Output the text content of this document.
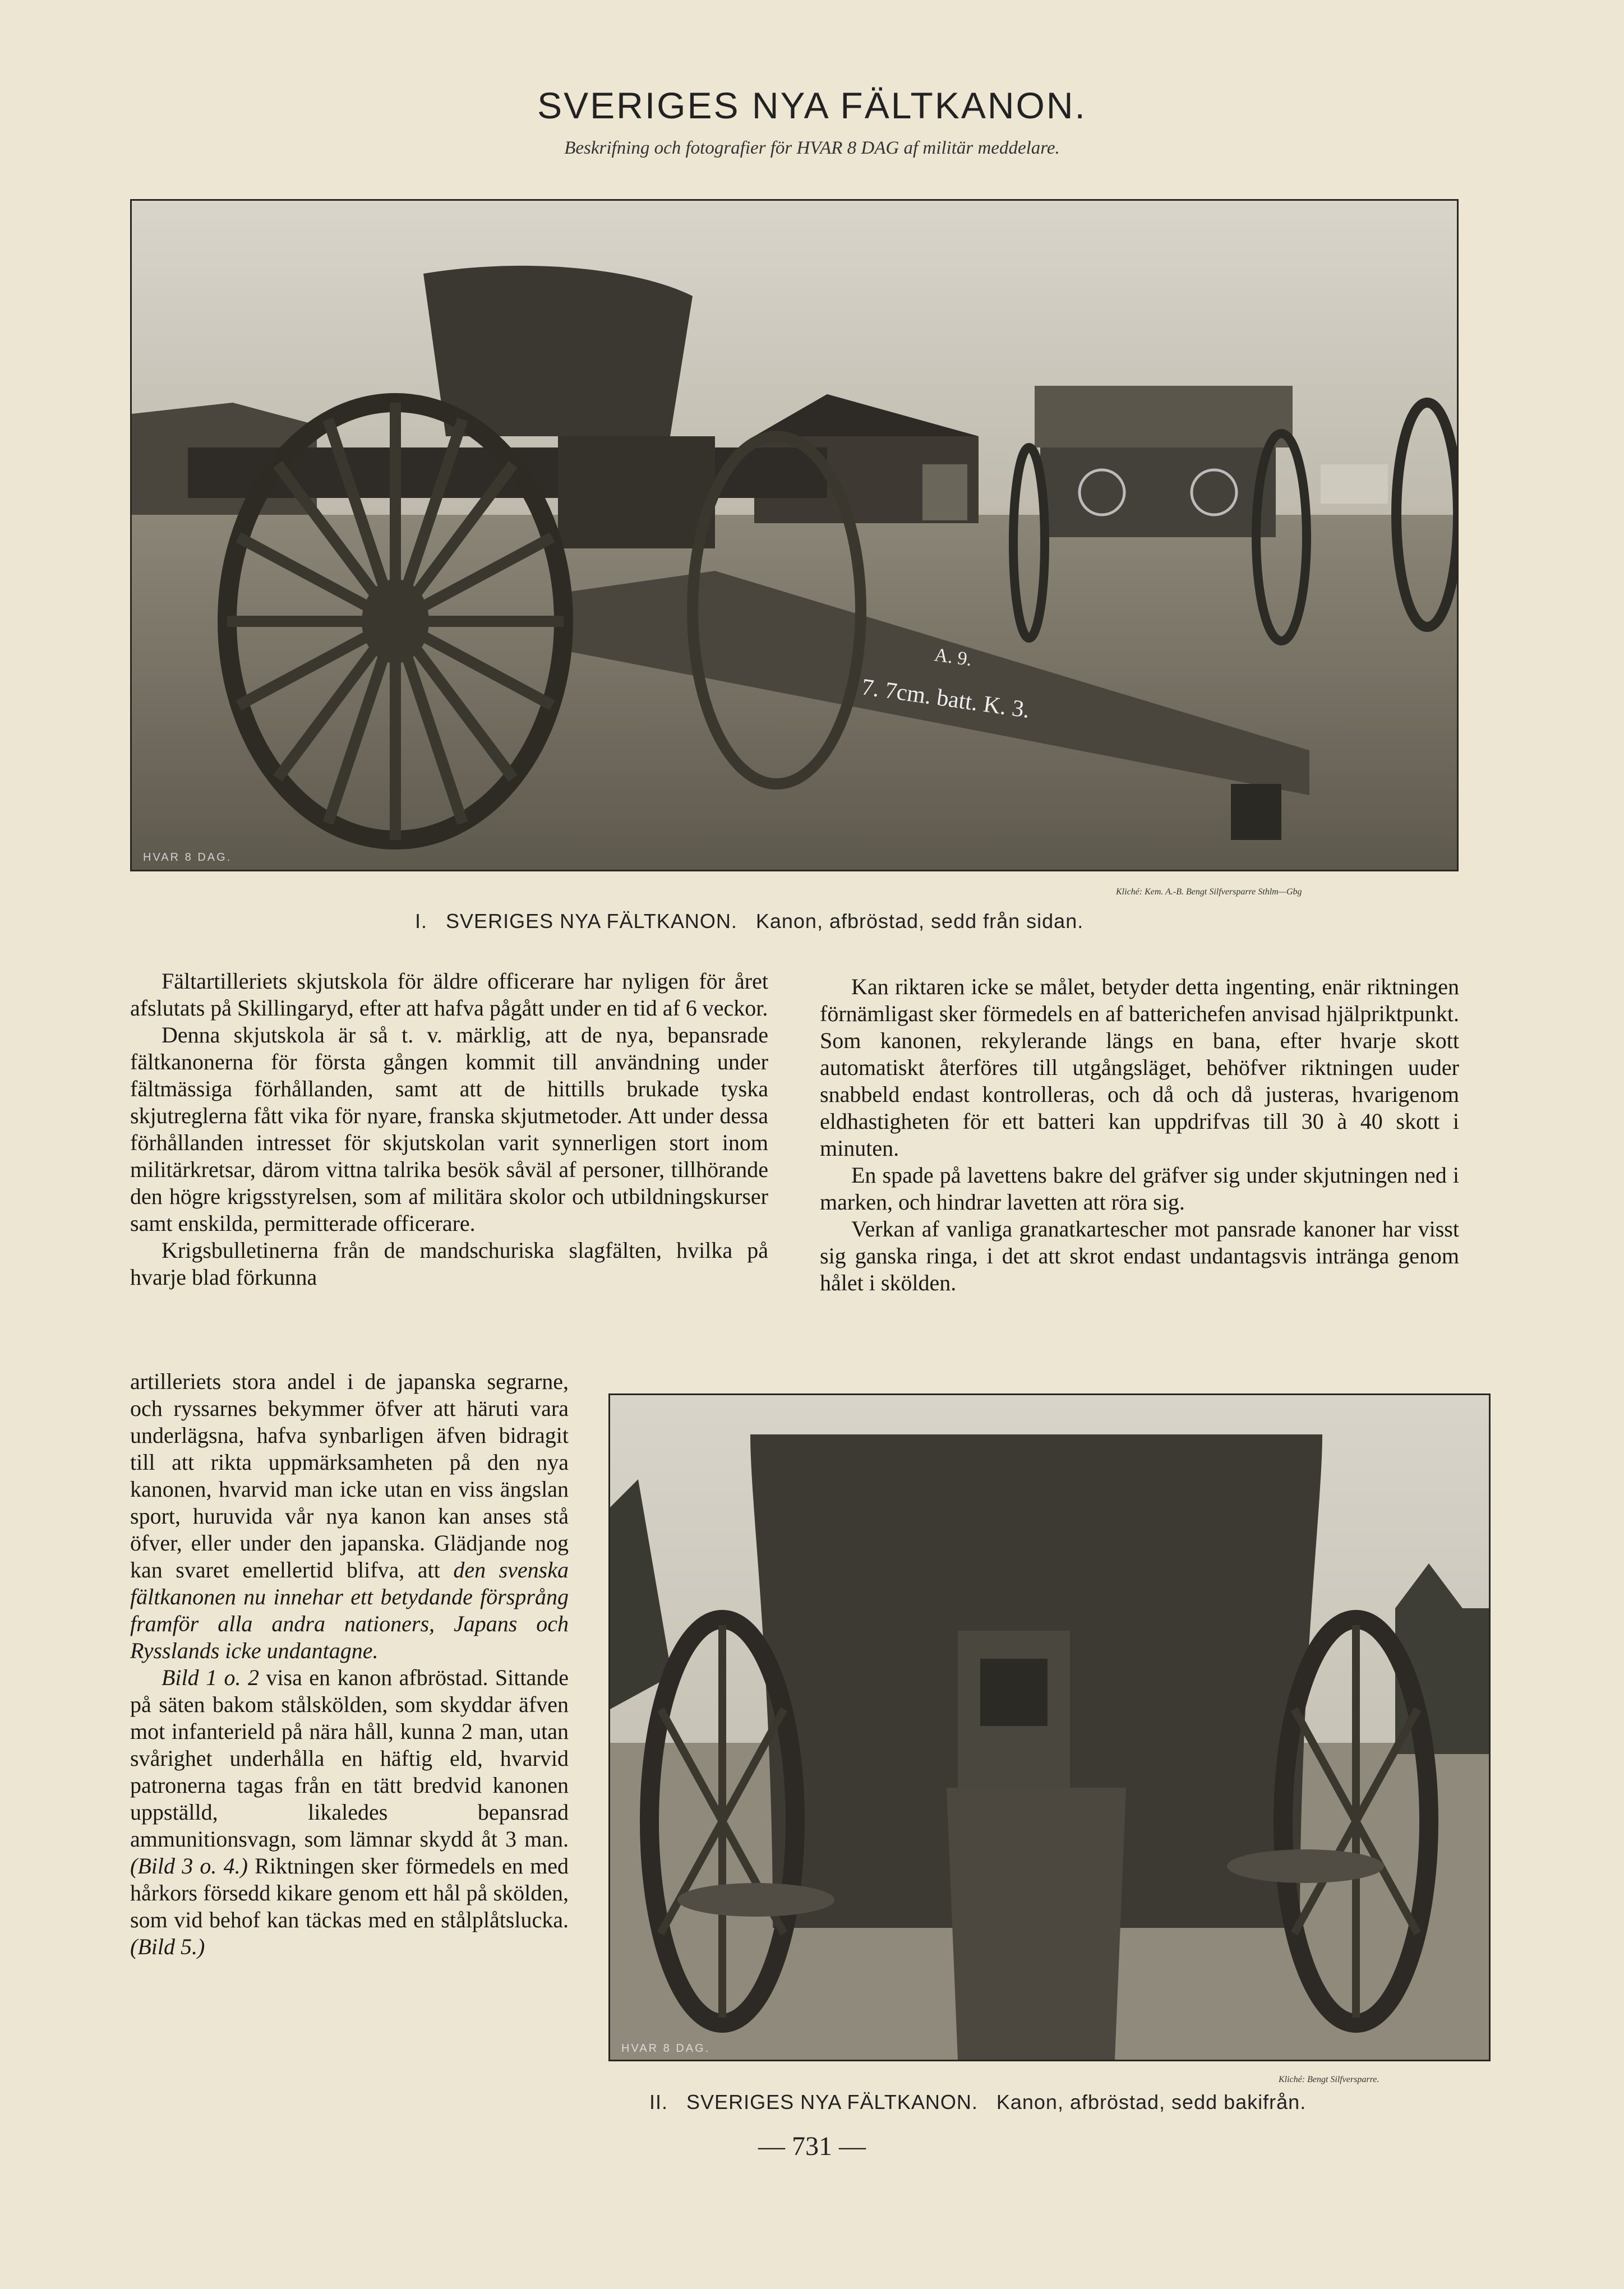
SVERIGES NYA FÄLTKANON.
Beskrifning och fotografier för HVAR 8 DAG af militär meddelare.
7. 7cm. batt. K. 3.
A. 9.
HVAR 8 DAG.
Kliché: Kem. A.-B. Bengt Silfversparre Sthlm—Gbg
I. SVERIGES NYA FÄLTKANON. Kanon, afbröstad, sedd från sidan.

Fältartilleriets skjutskola för äldre officerare har nyligen för året afslutats på Skillingaryd, efter att hafva pågått under en tid af 6 veckor.

Denna skjutskola är så t. v. märklig, att de nya, bepansrade fältkanonerna för första gången kommit till användning under fältmässiga förhållanden, samt att de hittills brukade tyska skjutreglerna fått vika för nyare, franska skjutmetoder. Att under dessa förhållanden intresset för skjutskolan varit synnerligen stort inom militärkretsar, därom vittna talrika besök såväl af personer, tillhörande den högre krigsstyrelsen, som af militära skolor och utbildningskurser samt enskilda, permitterade officerare.

Krigsbulletinerna från de mandschuriska slagfälten, hvilka på hvarje blad förkunna

artilleriets stora andel i de japanska segrarne, och ryssarnes bekymmer öfver att häruti vara underlägsna, hafva synbarligen äfven bidragit till att rikta uppmärksamheten på den nya kanonen, hvarvid man icke utan en viss ängslan sport, huruvida vår nya kanon kan anses stå öfver, eller under den japanska. Glädjande nog kan svaret emellertid blifva, att den svenska fältkanonen nu innehar ett betydande försprång framför alla andra nationers, Japans och Rysslands icke undantagne.

Bild 1 o. 2 visa en kanon afbröstad. Sittande på säten bakom stålskölden, som skyddar äfven mot infanterield på nära håll, kunna 2 man, utan svårighet underhålla en häftig eld, hvarvid patronerna tagas från en tätt bredvid kanonen uppställd, likaledes bepansrad ammunitionsvagn, som lämnar skydd åt 3 man. (Bild 3 o. 4.) Riktningen sker förmedels en med hårkors försedd kikare genom ett hål på skölden, som vid behof kan täckas med en stålplåtslucka. (Bild 5.)

Kan riktaren icke se målet, betyder detta ingenting, enär riktningen förnämligast sker förmedels en af batterichefen anvisad hjälpriktpunkt. Som kanonen, rekylerande längs en bana, efter hvarje skott automatiskt återföres till utgångsläget, behöfver riktningen uuder snabbeld endast kontrolleras, och då och då justeras, hvarigenom eldhastigheten för ett batteri kan uppdrifvas till 30 à 40 skott i minuten.

En spade på lavettens bakre del gräfver sig under skjutningen ned i marken, och hindrar lavetten att röra sig.

Verkan af vanliga granatkartescher mot pansrade kanoner har visst sig ganska ringa, i det att skrot endast undantagsvis intränga genom hålet i skölden.

HVAR 8 DAG.
Kliché: Bengt Silfversparre.
II. SVERIGES NYA FÄLTKANON. Kanon, afbröstad, sedd bakifrån.
— 731 —
